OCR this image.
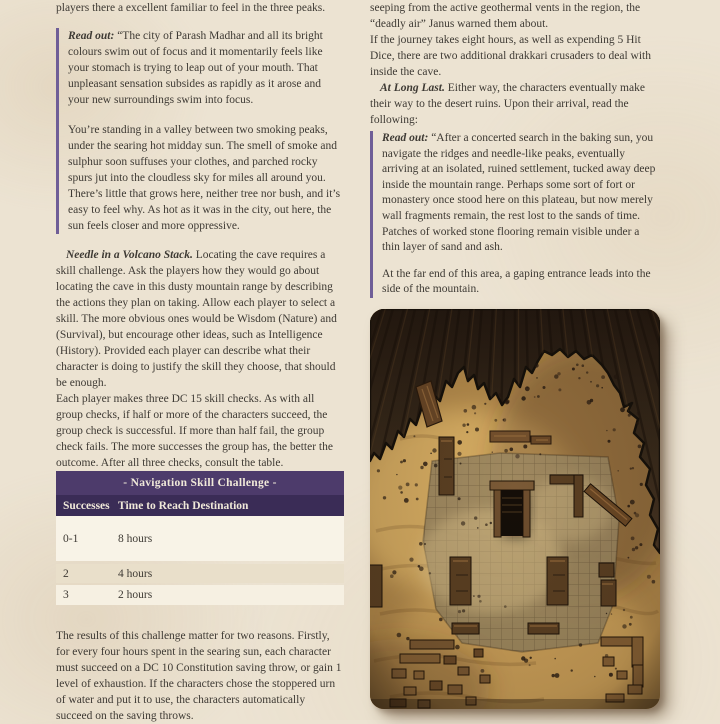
players there a excellent familiar to feel in the three peaks.

Read out: “The city of Parash Madhar and all its bright colours swim out of focus and it momentarily feels like your stomach is trying to leap out of your mouth. That unpleasant sensation subsides as rapidly as it arose and your new surroundings swim into focus.

You’re standing in a valley between two smoking peaks, under the searing hot midday sun. The smell of smoke and sulphur soon suffuses your clothes, and parched rocky spurs jut into the cloudless sky for miles all around you. There’s little that grows here, neither tree nor bush, and it’s easy to feel why. As hot as it was in the city, out here, the sun feels closer and more oppressive.

Needle in a Volcano Stack. Locating the cave requires a skill challenge. Ask the players how they would go about locating the cave in this dusty mountain range by describing the actions they plan on taking. Allow each player to select a skill. The more obvious ones would be Wisdom (Nature) and (Survival), but encourage other ideas, such as Intelligence (History). Provided each player can describe what their character is doing to justify the skill they choose, that should be enough.

Each player makes three DC 15 skill checks. As with all group checks, if half or more of the characters succeed, the group check is successful. If more than half fail, the group check fails. The more successes the group has, the better the outcome. After all three checks, consult the table.

- Navigation Skill Challenge -
Successes Time to Reach Destination
0-1	8 hours
2	4 hours
3	2 hours

The results of this challenge matter for two reasons. Firstly, for every four hours spent in the searing sun, each character must succeed on a DC 10 Constitution saving throw, or gain 1 level of exhaustion. If the characters chose the stoppered urn of water and put it to use, the characters automatically succeed on the saving throws.

seeping from the active geothermal vents in the region, the “deadly air” Janus warned them about.

If the journey takes eight hours, as well as expending 5 Hit Dice, there are two additional drakkari crusaders to deal with inside the cave.

At Long Last. Either way, the characters eventually make their way to the desert ruins. Upon their arrival, read the following:

Read out: “After a concerted search in the baking sun, you navigate the ridges and needle-like peaks, eventually arriving at an isolated, ruined settlement, tucked away deep inside the mountain range. Perhaps some sort of fort or monastery once stood here on this plateau, but now merely wall fragments remain, the rest lost to the sands of time. Patches of worked stone flooring remain visible under a thin layer of sand and ash.

At the far end of this area, a gaping entrance leads into the side of the mountain.
